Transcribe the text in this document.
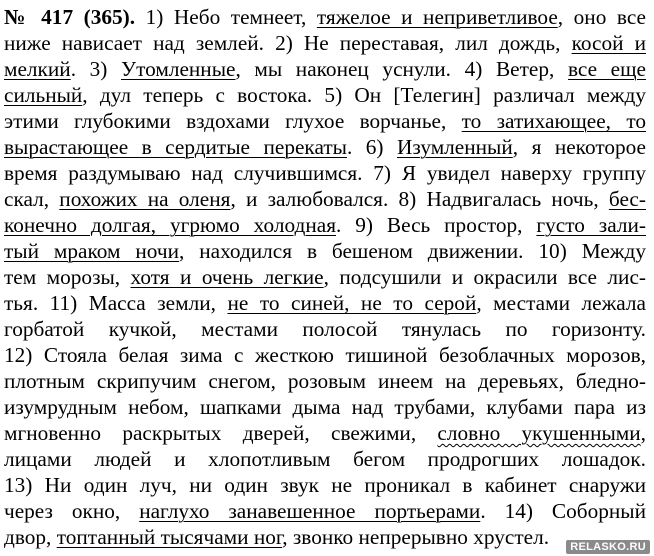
№ 417 (365). 1) Небо темнеет, тяжелое и неприветливое, оно все
ниже нависает над землей. 2) Не переставая, лил дождь, косой и
мелкий. 3) Утомленные, мы наконец уснули. 4) Ветер, все еще
сильный, дул теперь с востока. 5) Он [Телегин] различал между
этими глубокими вздохами глухое ворчанье, то затихающее, то
вырастающее в сердитые перекаты. 6) Изумленный, я некоторое
время раздумываю над случившимся. 7) Я увидел наверху группу
скал, похожих на оленя, и залюбовался. 8) Надвигалась ночь, бес-
конечно долгая, угрюмо холодная. 9) Весь простор, густо зали-
тый мраком ночи, находился в бешеном движении. 10) Между
тем морозы, хотя и очень легкие, подсушили и окрасили все лис-
тья. 11) Масса земли, не то синей, не то серой, местами лежала
горбатой кучкой, местами полосой тянулась по горизонту.
12) Стояла белая зима с жесткою тишиной безоблачных морозов,
плотным скрипучим снегом, розовым инеем на деревьях, бледно-
изумрудным небом, шапками дыма над трубами, клубами пара из
мгновенно раскрытых дверей, свежими, словно укушенными,
лицами людей и хлопотливым бегом продрогших лошадок.
13) Ни один луч, ни один звук не проникал в кабинет снаружи
через окно, наглухо занавешенное портьерами. 14) Соборный
двор, топтанный тысячами ног, звонко непрерывно хрустел.	RELASKO.RU
